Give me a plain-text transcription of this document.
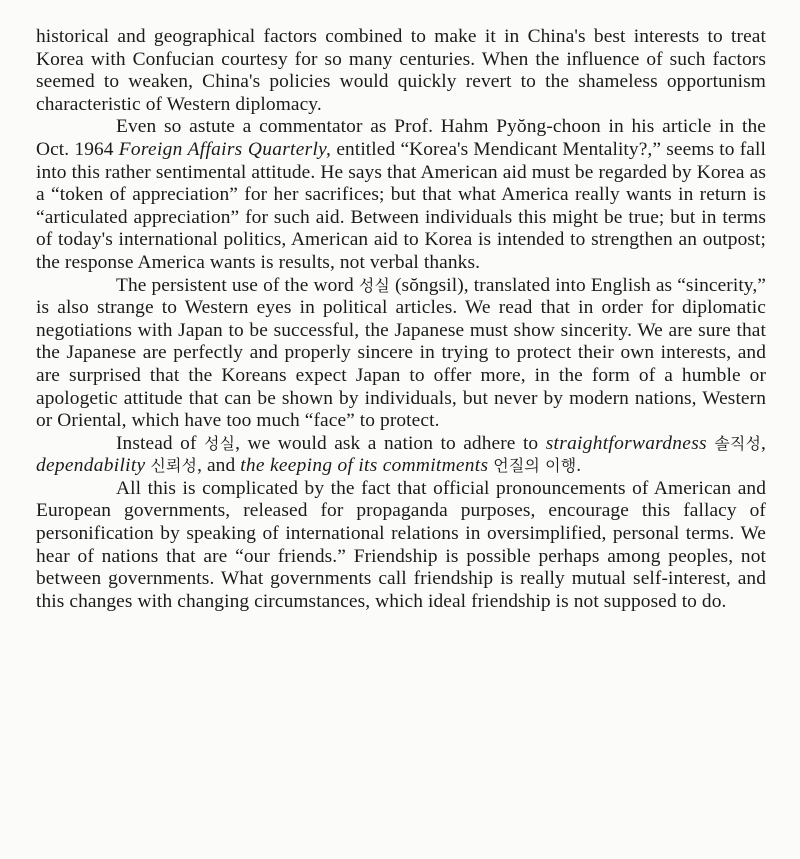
historical and geographical factors combined to make it in China's best interests to treat Korea with Confucian courtesy for so many centuries. When the influence of such factors seemed to weaken, China's policies would quickly revert to the shameless opportunism characteristic of Western diplomacy.

Even so astute a commentator as Prof. Hahm Pyŏng-choon in his article in the Oct. 1964 Foreign Affairs Quarterly, entitled “Korea's Mendicant Mentality?,” seems to fall into this rather sentimental attitude. He says that American aid must be regarded by Korea as a “token of appreciation” for her sacrifices; but that what America really wants in return is “articulated appreciation” for such aid. Between individuals this might be true; but in terms of today's international politics, American aid to Korea is intended to strengthen an outpost; the response America wants is results, not verbal thanks.

The persistent use of the word 성실 (sŏngsil), translated into English as “sincerity,” is also strange to Western eyes in political articles. We read that in order for diplomatic negotiations with Japan to be successful, the Japanese must show sincerity. We are sure that the Japanese are perfectly and properly sincere in trying to protect their own interests, and are surprised that the Koreans expect Japan to offer more, in the form of a humble or apologetic attitude that can be shown by individuals, but never by modern nations, Western or Oriental, which have too much “face” to protect.

Instead of 성실, we would ask a nation to adhere to straightforwardness 솔직성, dependability 신뢰성, and the keeping of its commitments 언질의 이행.

All this is complicated by the fact that official pronouncements of American and European governments, released for propaganda purposes, encourage this fallacy of personification by speaking of international relations in oversimplified, personal terms. We hear of nations that are “our friends.” Friendship is possible perhaps among peoples, not between governments. What governments call friendship is really mutual self-interest, and this changes with changing circumstances, which ideal friendship is not supposed to do.
